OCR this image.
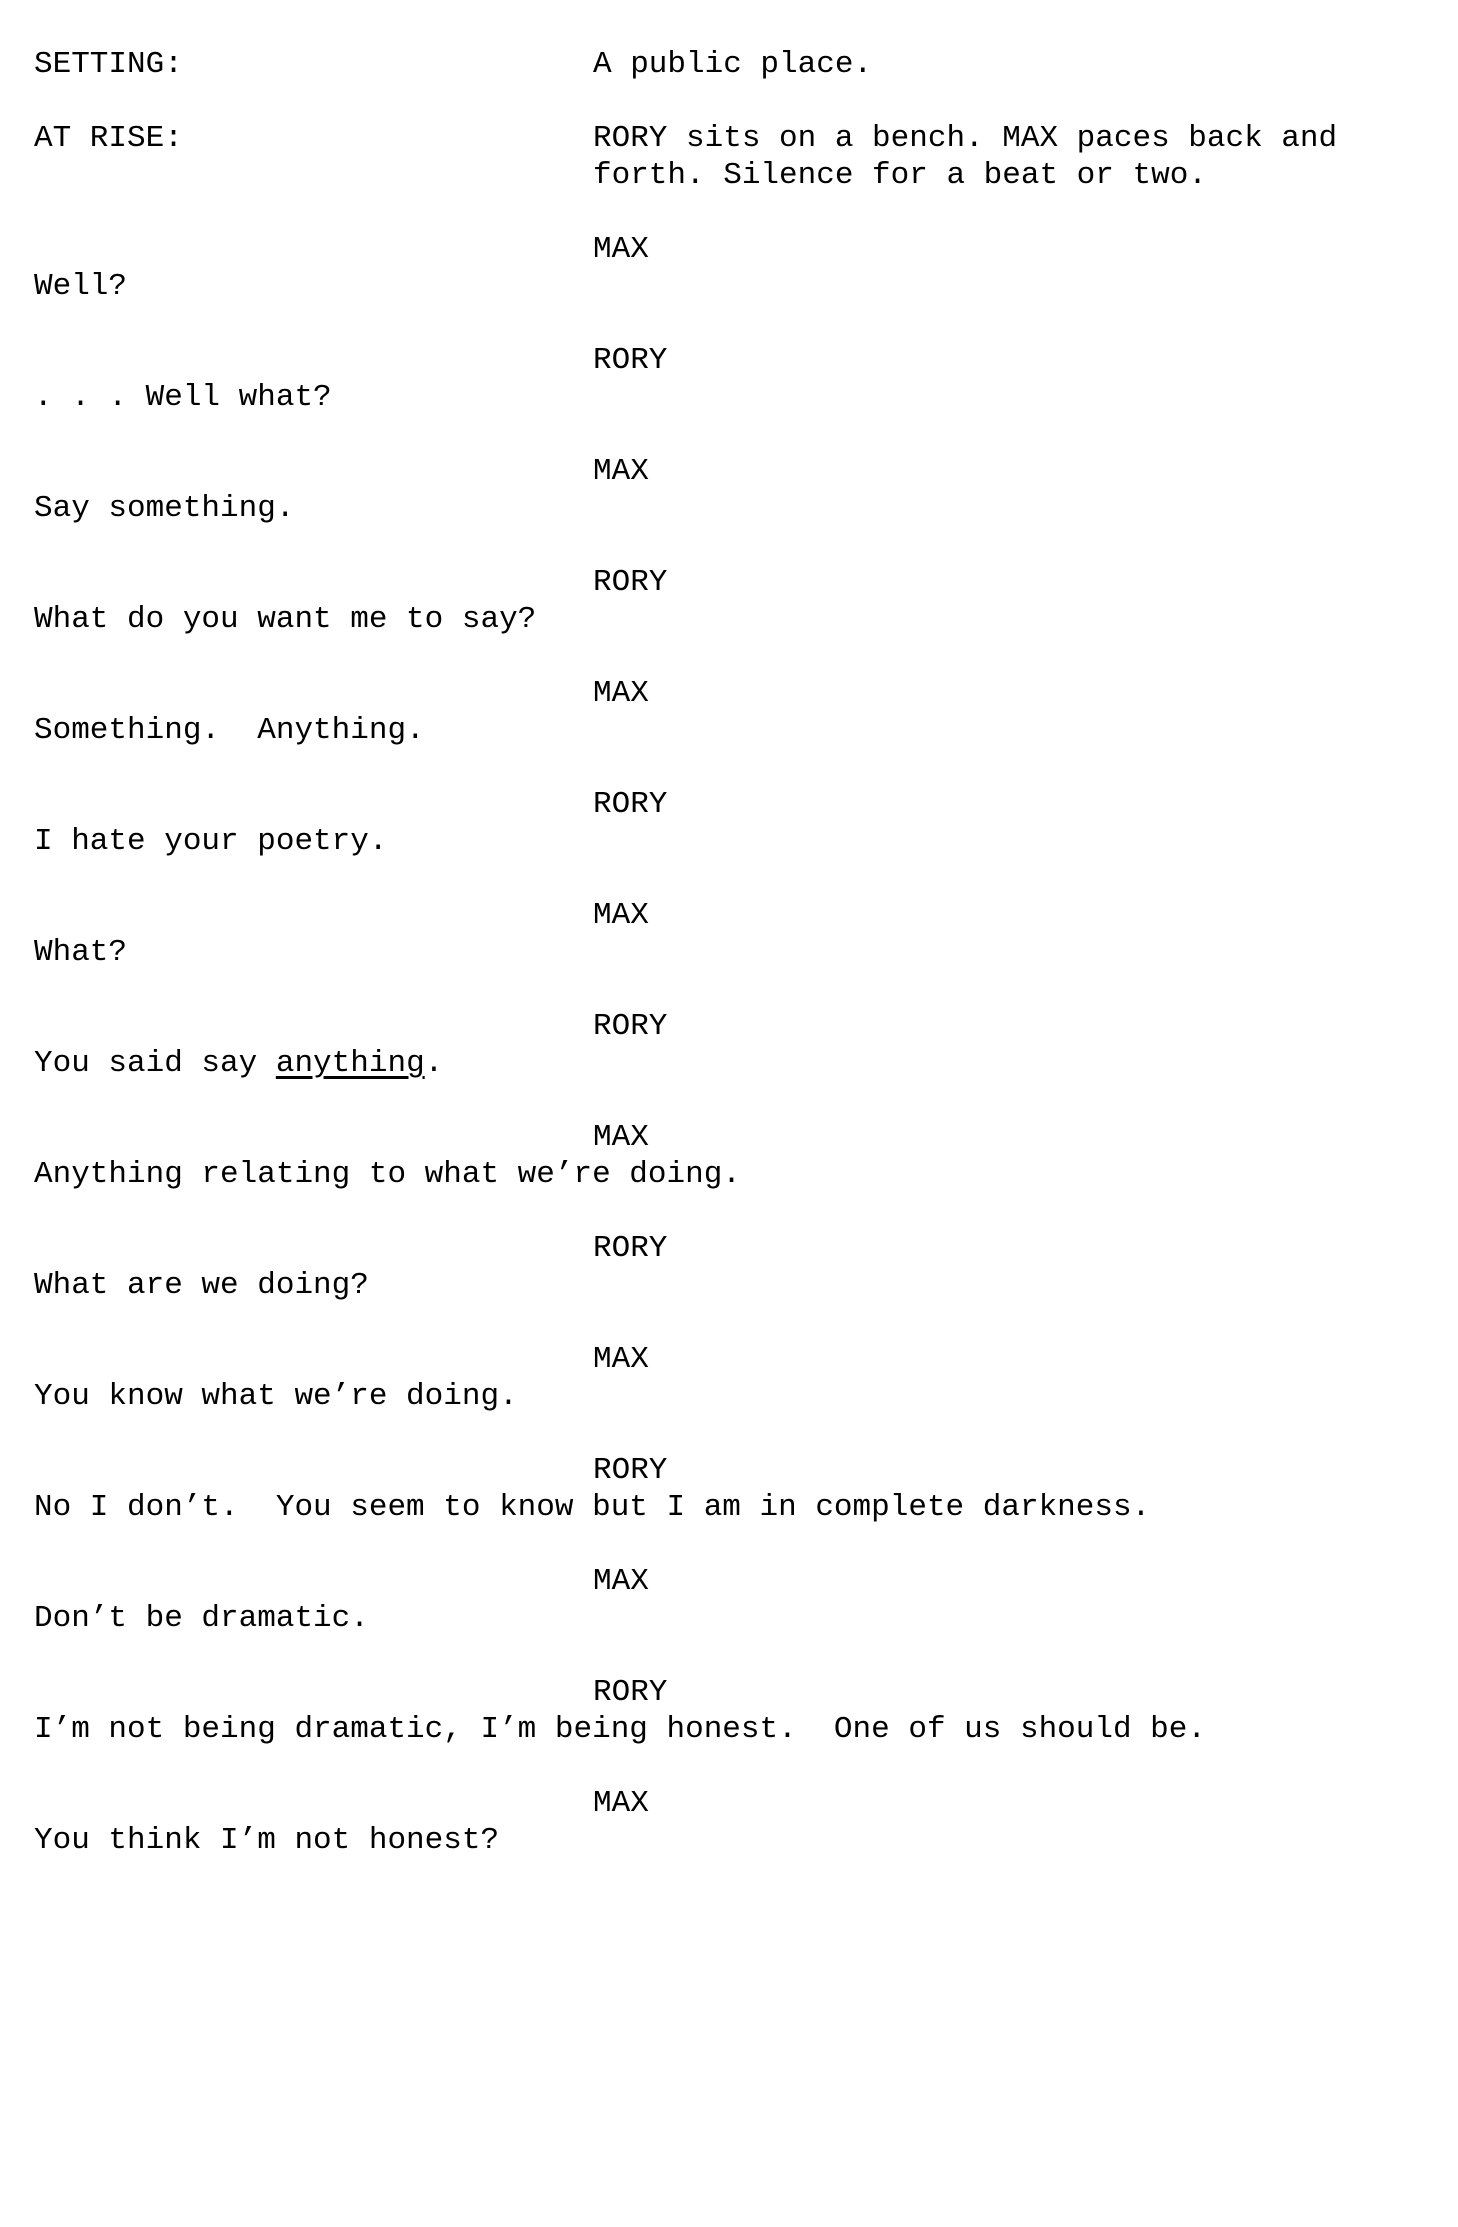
SETTING:	A public place.
AT RISE:	RORY sits on a bench. MAX paces back and forth. Silence for a beat or two.
MAX
Well?
RORY
. . . Well what?
MAX
Say something.
RORY
What do you want me to say?
MAX
Something.  Anything.
RORY
I hate your poetry.
MAX
What?
RORY
You said say anything.
MAX
Anything relating to what we’re doing.
RORY
What are we doing?
MAX
You know what we’re doing.
RORY
No I don’t.  You seem to know but I am in complete darkness.
MAX
Don’t be dramatic.
RORY
I’m not being dramatic, I’m being honest.  One of us should be.
MAX
You think I’m not honest?
